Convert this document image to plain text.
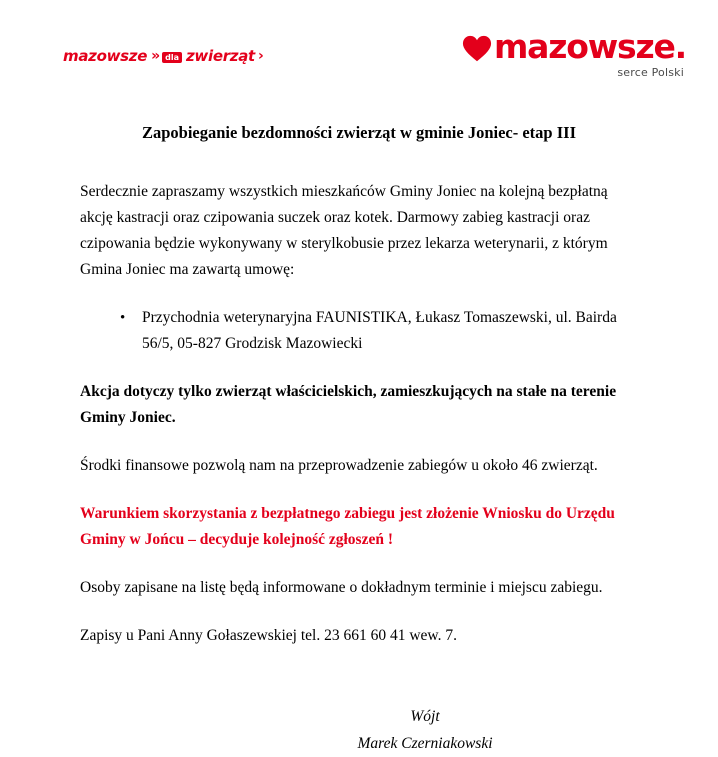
mazowsze » dla zwierząt ›	mazowsze.
serce Polski
Zapobieganie bezdomności zwierząt w gminie Joniec- etap III

Serdecznie zapraszamy wszystkich mieszkańców Gminy Joniec na kolejną bezpłatną akcję kastracji oraz czipowania suczek oraz kotek. Darmowy zabieg kastracji oraz czipowania będzie wykonywany w sterylkobusie przez lekarza weterynarii, z którym Gmina Joniec ma zawartą umowę:

• Przychodnia weterynaryjna FAUNISTIKA, Łukasz Tomaszewski, ul. Bairda 56/5, 05-827 Grodzisk Mazowiecki

Akcja dotyczy tylko zwierząt właścicielskich, zamieszkujących na stałe na terenie Gminy Joniec.

Środki finansowe pozwolą nam na przeprowadzenie zabiegów u około 46 zwierząt.

Warunkiem skorzystania z bezpłatnego zabiegu jest złożenie Wniosku do Urzędu Gminy w Jońcu – decyduje kolejność zgłoszeń !

Osoby zapisane na listę będą informowane o dokładnym terminie i miejscu zabiegu.

Zapisy u Pani Anny Gołaszewskiej tel. 23 661 60 41 wew. 7.

Wójt
Marek Czerniakowski
